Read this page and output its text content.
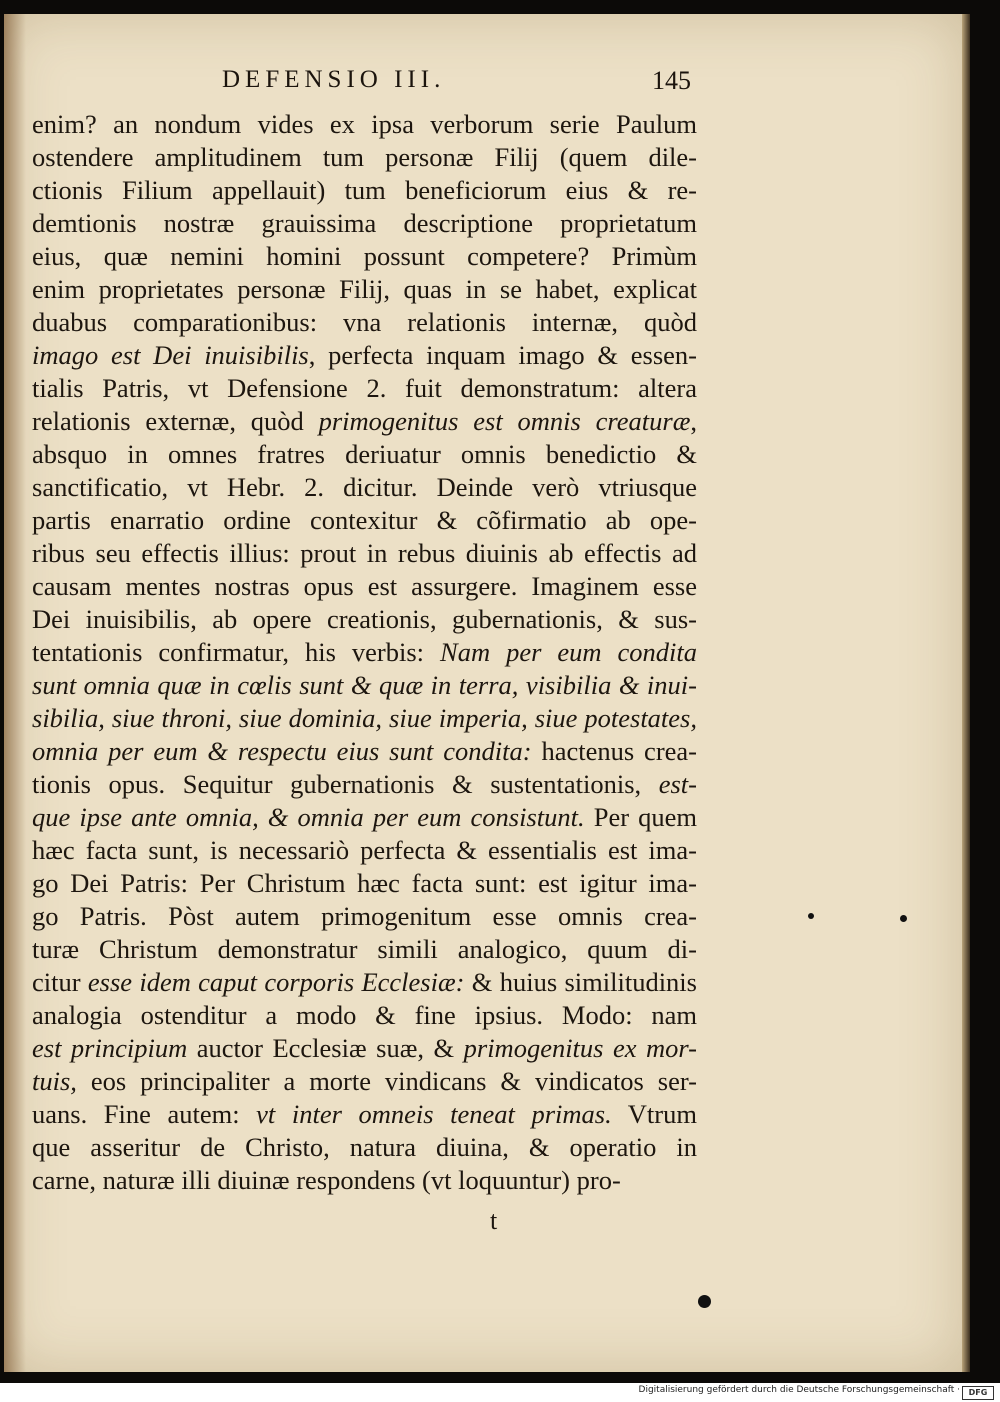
DEFENSIO III.	145
enim? an nondum vides ex ipsa verborum serie Paulum
ostendere amplitudinem tum personæ Filij (quem dile-
ctionis Filium appellauit) tum beneficiorum eius & re-
demtionis nostræ grauissima descriptione proprietatum
eius, quæ nemini homini possunt competere? Primùm
enim proprietates personæ Filij, quas in se habet, explicat
duabus comparationibus: vna relationis internæ, quòd
imago est Dei inuisibilis, perfecta inquam imago & essen-
tialis Patris, vt Defensione 2. fuit demonstratum: altera
relationis externæ, quòd primogenitus est omnis creaturæ,
absquo in omnes fratres deriuatur omnis benedictio &
sanctificatio, vt Hebr. 2. dicitur. Deinde verò vtriusque
partis enarratio ordine contexitur & cõfirmatio ab ope-
ribus seu effectis illius: prout in rebus diuinis ab effectis ad
causam mentes nostras opus est assurgere. Imaginem esse
Dei inuisibilis, ab opere creationis, gubernationis, & sus-
tentationis confirmatur, his verbis: Nam per eum condita
sunt omnia quæ in cœlis sunt & quæ in terra, visibilia & inui-
sibilia, siue throni, siue dominia, siue imperia, siue potestates,
omnia per eum & respectu eius sunt condita: hactenus crea-
tionis opus. Sequitur gubernationis & sustentationis, est-
que ipse ante omnia, & omnia per eum consistunt. Per quem
hæc facta sunt, is necessariò perfecta & essentialis est ima-
go Dei Patris: Per Christum hæc facta sunt: est igitur ima-
go Patris. Pòst autem primogenitum esse omnis crea-
turæ Christum demonstratur simili analogico, quum di-
citur esse idem caput corporis Ecclesiæ: & huius similitudinis
analogia ostenditur a modo & fine ipsius. Modo: nam
est principium auctor Ecclesiæ suæ, & primogenitus ex mor-
tuis, eos principaliter a morte vindicans & vindicatos ser-
uans. Fine autem: vt inter omneis teneat primas. Vtrum
que asseritur de Christo, natura diuina, & operatio in
carne, naturæ illi diuinæ respondens (vt loquuntur) pro-
t
Digitalisierung gefördert durch die Deutsche Forschungsgemeinschaft ·	DFG
